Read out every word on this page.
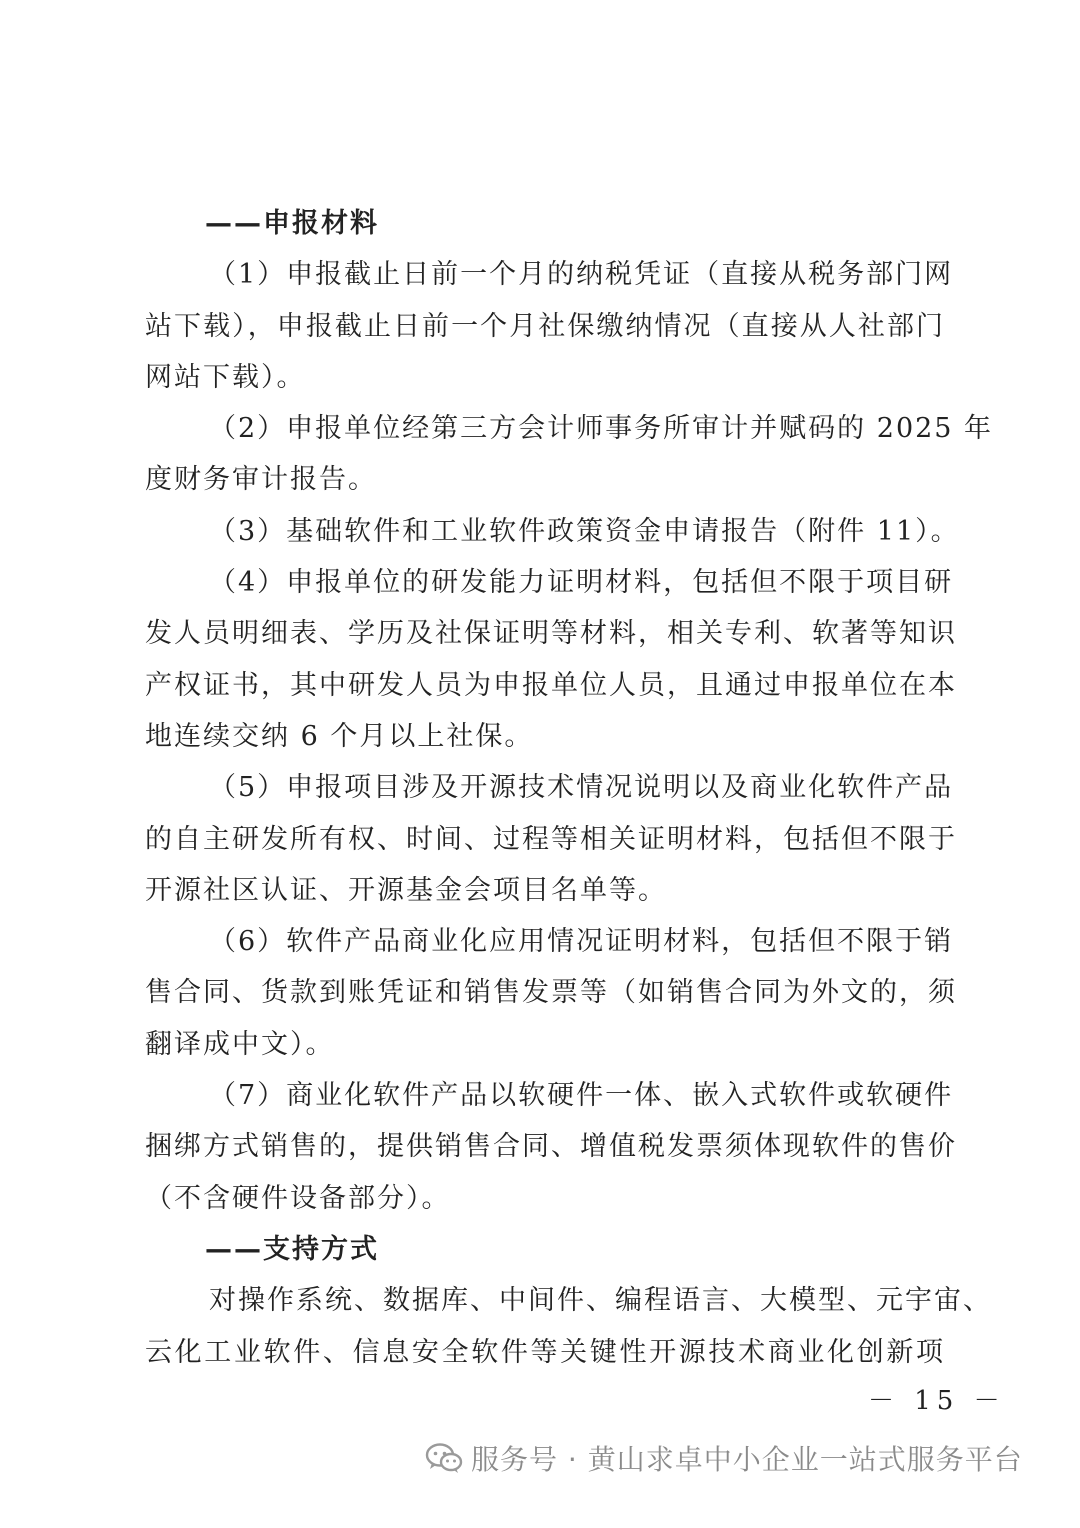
——申报材料
（1）申报截止日前一个月的纳税凭证（直接从税务部门网
站下载），申报截止日前一个月社保缴纳情况（直接从人社部门
网站下载）。
（2）申报单位经第三方会计师事务所审计并赋码的 2025 年
度财务审计报告。
（3）基础软件和工业软件政策资金申请报告（附件 11）。
（4）申报单位的研发能力证明材料，包括但不限于项目研
发人员明细表、学历及社保证明等材料，相关专利、软著等知识
产权证书，其中研发人员为申报单位人员，且通过申报单位在本
地连续交纳 6 个月以上社保。
（5）申报项目涉及开源技术情况说明以及商业化软件产品
的自主研发所有权、时间、过程等相关证明材料，包括但不限于
开源社区认证、开源基金会项目名单等。
（6）软件产品商业化应用情况证明材料，包括但不限于销
售合同、货款到账凭证和销售发票等（如销售合同为外文的，须
翻译成中文）。
（7）商业化软件产品以软硬件一体、嵌入式软件或软硬件
捆绑方式销售的，提供销售合同、增值税发票须体现软件的售价
（不含硬件设备部分）。
——支持方式
对操作系统、数据库、中间件、编程语言、大模型、元宇宙、
云化工业软件、信息安全软件等关键性开源技术商业化创新项
－ 15 －
服务号 · 黄山求卓中小企业一站式服务平台
